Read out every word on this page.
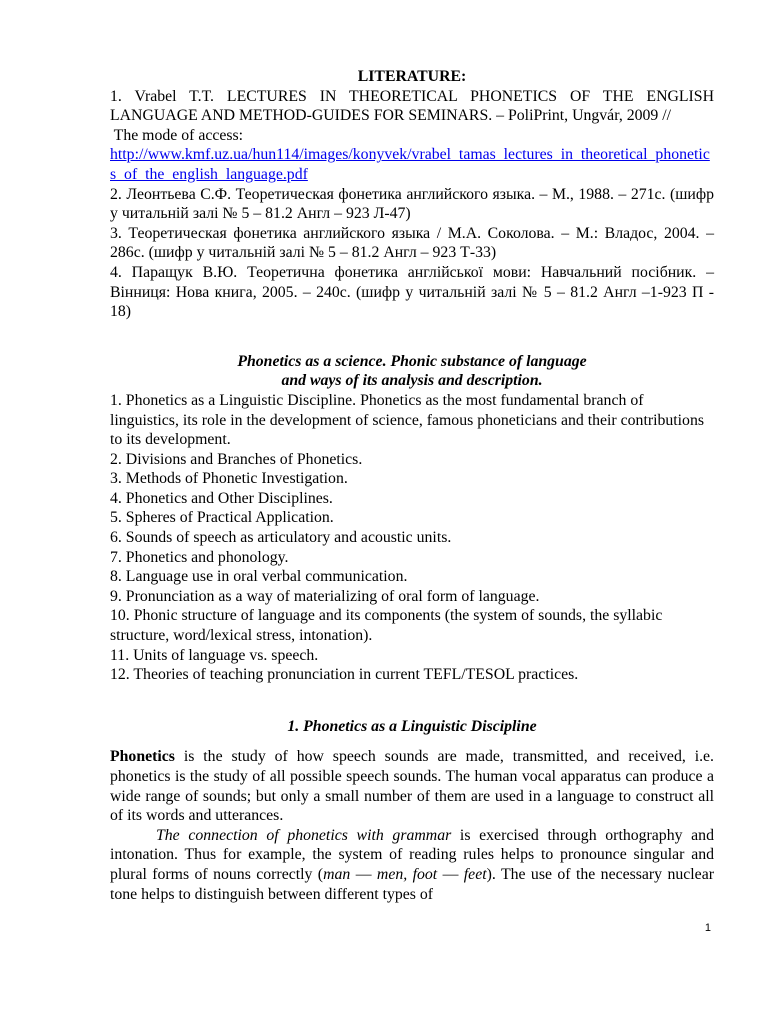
LITERATURE:

1. Vrabel T.T. LECTURES IN THEORETICAL PHONETICS OF THE ENGLISH LANGUAGE AND METHOD-GUIDES FOR SEMINARS. – PoliPrint, Ungvár, 2009 //

The mode of access:

http://www.kmf.uz.ua/hun114/images/konyvek/vrabel_tamas_lectures_in_theoretical_phonetics_of_the_english_language.pdf

2. Леонтьева С.Ф. Теоретическая фонетика английского языка. – М., 1988. – 271с. (шифр у читальній залі № 5 – 81.2 Англ – 923 Л-47)

3. Теоретическая фонетика английского языка / М.А. Соколова. – М.: Владос, 2004. – 286с. (шифр у читальній залі № 5 – 81.2 Англ – 923 Т-33)

4. Паращук В.Ю. Теоретична фонетика англійської мови: Навчальний посібник. – Вінниця: Нова книга, 2005. – 240с. (шифр у читальній залі № 5 – 81.2 Англ –1-923 П - 18)

Phonetics as a science. Phonic substance of language
and ways of its analysis and description.

1. Phonetics as a Linguistic Discipline. Phonetics as the most fundamental branch of linguistics, its role in the development of science, famous phoneticians and their contributions to its development.

2. Divisions and Branches of Phonetics.

3. Methods of Phonetic Investigation.

4. Phonetics and Other Disciplines.

5. Spheres of Practical Application.

6. Sounds of speech as articulatory and acoustic units.

7. Phonetics and phonology.

8. Language use in oral verbal communication.

9. Pronunciation as a way of materializing of oral form of language.

10. Phonic structure of language and its components (the system of sounds, the syllabic structure, word/lexical stress, intonation).

11. Units of language vs. speech.

12. Theories of teaching pronunciation in current TEFL/TESOL practices.

1. Phonetics as a Linguistic Discipline

Phonetics is the study of how speech sounds are made, transmitted, and received, i.e. phonetics is the study of all possible speech sounds. The human vocal apparatus can produce a wide range of sounds; but only a small number of them are used in a language to construct all of its words and utterances.

The connection of phonetics with grammar is exercised through orthography and intonation. Thus for example, the system of reading rules helps to pronounce singular and plural forms of nouns correctly (man — men, foot — feet). The use of the necessary nuclear tone helps to distinguish between different types of

1
